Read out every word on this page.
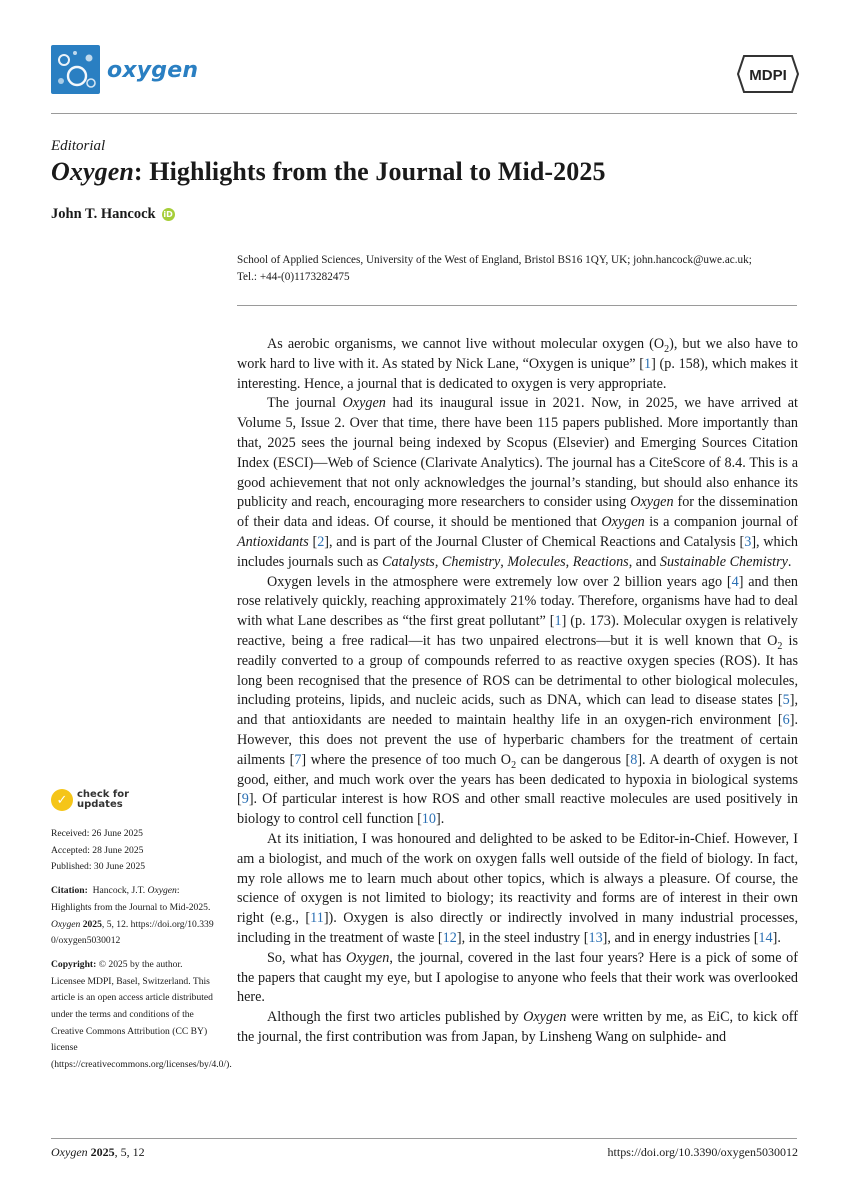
oxygen	MDPI
Editorial
Oxygen: Highlights from the Journal to Mid-2025
John T. Hancock iD
School of Applied Sciences, University of the West of England, Bristol BS16 1QY, UK; john.hancock@uwe.ac.uk;
Tel.: +44-(0)1173282475
✓ check for
updates
Received: 26 June 2025
Accepted: 28 June 2025
Published: 30 June 2025
Citation: Hancock, J.T. Oxygen: Highlights from the Journal to Mid-2025. Oxygen 2025, 5, 12. https://doi.org/10.3390/oxygen5030012
Copyright: © 2025 by the author. Licensee MDPI, Basel, Switzerland. This article is an open access article distributed under the terms and conditions of the Creative Commons Attribution (CC BY) license (https://creativecommons.org/licenses/by/4.0/).

As aerobic organisms, we cannot live without molecular oxygen $(O_2)$, but we also have to work hard to live with it. As stated by Nick Lane, “Oxygen is unique” [1] (p. 158), which makes it interesting. Hence, a journal that is dedicated to oxygen is very appropriate.

The journal Oxygen had its inaugural issue in 2021. Now, in 2025, we have arrived at Volume 5, Issue 2. Over that time, there have been 115 papers published. More importantly than that, 2025 sees the journal being indexed by Scopus (Elsevier) and Emerging Sources Citation Index (ESCI)—Web of Science (Clarivate Analytics). The journal has a CiteScore of 8.4. This is a good achievement that not only acknowledges the journal’s standing, but should also enhance its publicity and reach, encouraging more researchers to consider using Oxygen for the dissemination of their data and ideas. Of course, it should be mentioned that Oxygen is a companion journal of Antioxidants [2], and is part of the Journal Cluster of Chemical Reactions and Catalysis [3], which includes journals such as Catalysts, Chemistry, Molecules, Reactions, and Sustainable Chemistry.

Oxygen levels in the atmosphere were extremely low over 2 billion years ago [4] and then rose relatively quickly, reaching approximately 21% today. Therefore, organisms have had to deal with what Lane describes as “the first great pollutant” [1] (p. 173). Molecular oxygen is relatively reactive, being a free radical—it has two unpaired electrons—but it is well known that $O_2$ is readily converted to a group of compounds referred to as reactive oxygen species (ROS). It has long been recognised that the presence of ROS can be detrimental to other biological molecules, including proteins, lipids, and nucleic acids, such as DNA, which can lead to disease states [5], and that antioxidants are needed to maintain healthy life in an oxygen-rich environment [6]. However, this does not prevent the use of hyperbaric chambers for the treatment of certain ailments [7] where the presence of too much $O_2$ can be dangerous [8]. A dearth of oxygen is not good, either, and much work over the years has been dedicated to hypoxia in biological systems [9]. Of particular interest is how ROS and other small reactive molecules are used positively in biology to control cell function [10].

At its initiation, I was honoured and delighted to be asked to be Editor-in-Chief. However, I am a biologist, and much of the work on oxygen falls well outside of the field of biology. In fact, my role allows me to learn much about other topics, which is always a pleasure. Of course, the science of oxygen is not limited to biology; its reactivity and forms are of interest in their own right (e.g., [11]). Oxygen is also directly or indirectly involved in many industrial processes, including in the treatment of waste [12], in the steel industry [13], and in energy industries [14].

So, what has Oxygen, the journal, covered in the last four years? Here is a pick of some of the papers that caught my eye, but I apologise to anyone who feels that their work was overlooked here.

Although the first two articles published by Oxygen were written by me, as EiC, to kick off the journal, the first contribution was from Japan, by Linsheng Wang on sulphide- and

Oxygen 2025, 5, 12	https://doi.org/10.3390/oxygen5030012
